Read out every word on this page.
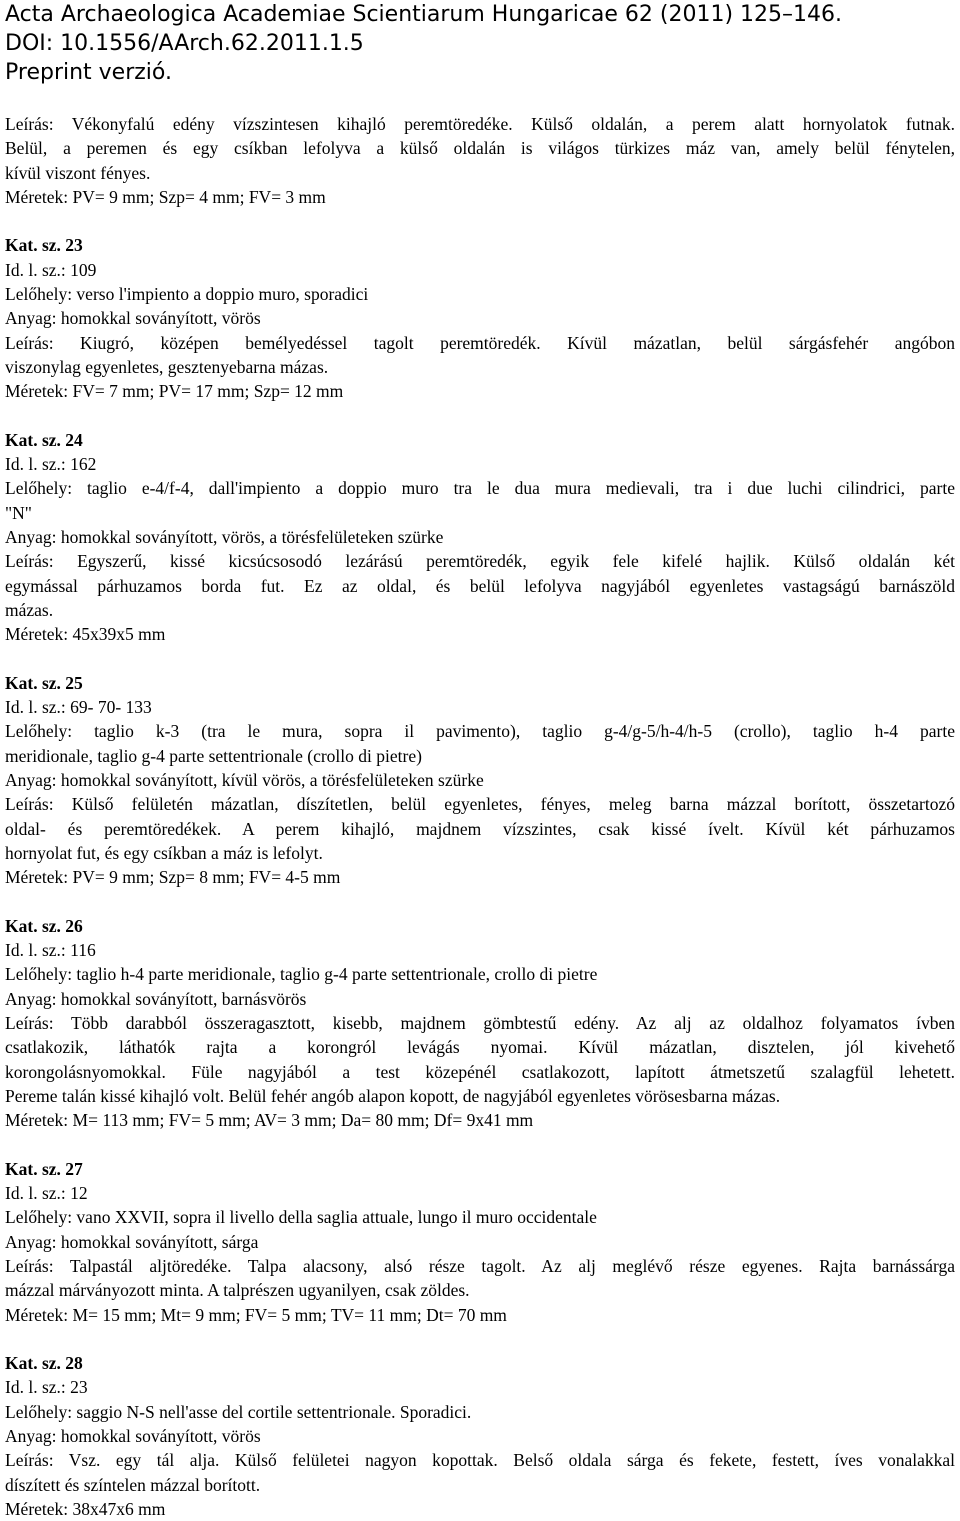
Acta Archaeologica Academiae Scientiarum Hungaricae 62 (2011) 125–146.
DOI: 10.1556/AArch.62.2011.1.5
Preprint verzió.
Leírás: Vékonyfalú edény vízszintesen kihajló peremtöredéke. Külső oldalán, a perem alatt hornyolatok futnak.
Belül, a peremen és egy csíkban lefolyva a külső oldalán is világos türkizes máz van, amely belül fénytelen,
kívül viszont fényes.
Méretek: PV= 9 mm; Szp= 4 mm; FV= 3 mm
Kat. sz. 23
Id. l. sz.: 109
Lelőhely: verso l'impiento a doppio muro, sporadici
Anyag: homokkal soványított, vörös
Leírás: Kiugró, középen bemélyedéssel tagolt peremtöredék. Kívül mázatlan, belül sárgásfehér angóbon
viszonylag egyenletes, gesztenyebarna mázas.
Méretek: FV= 7 mm; PV= 17 mm; Szp= 12 mm
Kat. sz. 24
Id. l. sz.: 162
Lelőhely: taglio e-4/f-4, dall'impiento a doppio muro tra le dua mura medievali, tra i due luchi cilindrici, parte
"N"
Anyag: homokkal soványított, vörös, a törésfelületeken szürke
Leírás: Egyszerű, kissé kicsúcsosodó lezárású peremtöredék, egyik fele kifelé hajlik. Külső oldalán két
egymással párhuzamos borda fut. Ez az oldal, és belül lefolyva nagyjából egyenletes vastagságú barnászöld
mázas.
Méretek: 45x39x5 mm
Kat. sz. 25
Id. l. sz.: 69- 70- 133
Lelőhely: taglio k-3 (tra le mura, sopra il pavimento), taglio g-4/g-5/h-4/h-5 (crollo), taglio h-4 parte
meridionale, taglio g-4 parte settentrionale (crollo di pietre)
Anyag: homokkal soványított, kívül vörös, a törésfelületeken szürke
Leírás: Külső felületén mázatlan, díszítetlen, belül egyenletes, fényes, meleg barna mázzal borított, összetartozó
oldal- és peremtöredékek. A perem kihajló, majdnem vízszintes, csak kissé ívelt. Kívül két párhuzamos
hornyolat fut, és egy csíkban a máz is lefolyt.
Méretek: PV= 9 mm; Szp= 8 mm; FV= 4-5 mm
Kat. sz. 26
Id. l. sz.: 116
Lelőhely: taglio h-4 parte meridionale, taglio g-4 parte settentrionale, crollo di pietre
Anyag: homokkal soványított, barnásvörös
Leírás: Több darabból összeragasztott, kisebb, majdnem gömbtestű edény. Az alj az oldalhoz folyamatos ívben
csatlakozik, láthatók rajta a korongról levágás nyomai. Kívül mázatlan, disztelen, jól kivehető
korongolásnyomokkal. Füle nagyjából a test közepénél csatlakozott, lapított átmetszetű szalagfül lehetett.
Pereme talán kissé kihajló volt. Belül fehér angób alapon kopott, de nagyjából egyenletes vörösesbarna mázas.
Méretek: M= 113 mm; FV= 5 mm; AV= 3 mm; Da= 80 mm; Df= 9x41 mm
Kat. sz. 27
Id. l. sz.: 12
Lelőhely: vano XXVII, sopra il livello della saglia attuale, lungo il muro occidentale
Anyag: homokkal soványított, sárga
Leírás: Talpastál aljtöredéke. Talpa alacsony, alsó része tagolt. Az alj meglévő része egyenes. Rajta barnássárga
mázzal márványozott minta. A talprészen ugyanilyen, csak zöldes.
Méretek: M= 15 mm; Mt= 9 mm; FV= 5 mm; TV= 11 mm; Dt= 70 mm
Kat. sz. 28
Id. l. sz.: 23
Lelőhely: saggio N-S nell'asse del cortile settentrionale. Sporadici.
Anyag: homokkal soványított, vörös
Leírás: Vsz. egy tál alja. Külső felületei nagyon kopottak. Belső oldala sárga és fekete, festett, íves vonalakkal
díszített és színtelen mázzal borított.
Méretek: 38x47x6 mm
